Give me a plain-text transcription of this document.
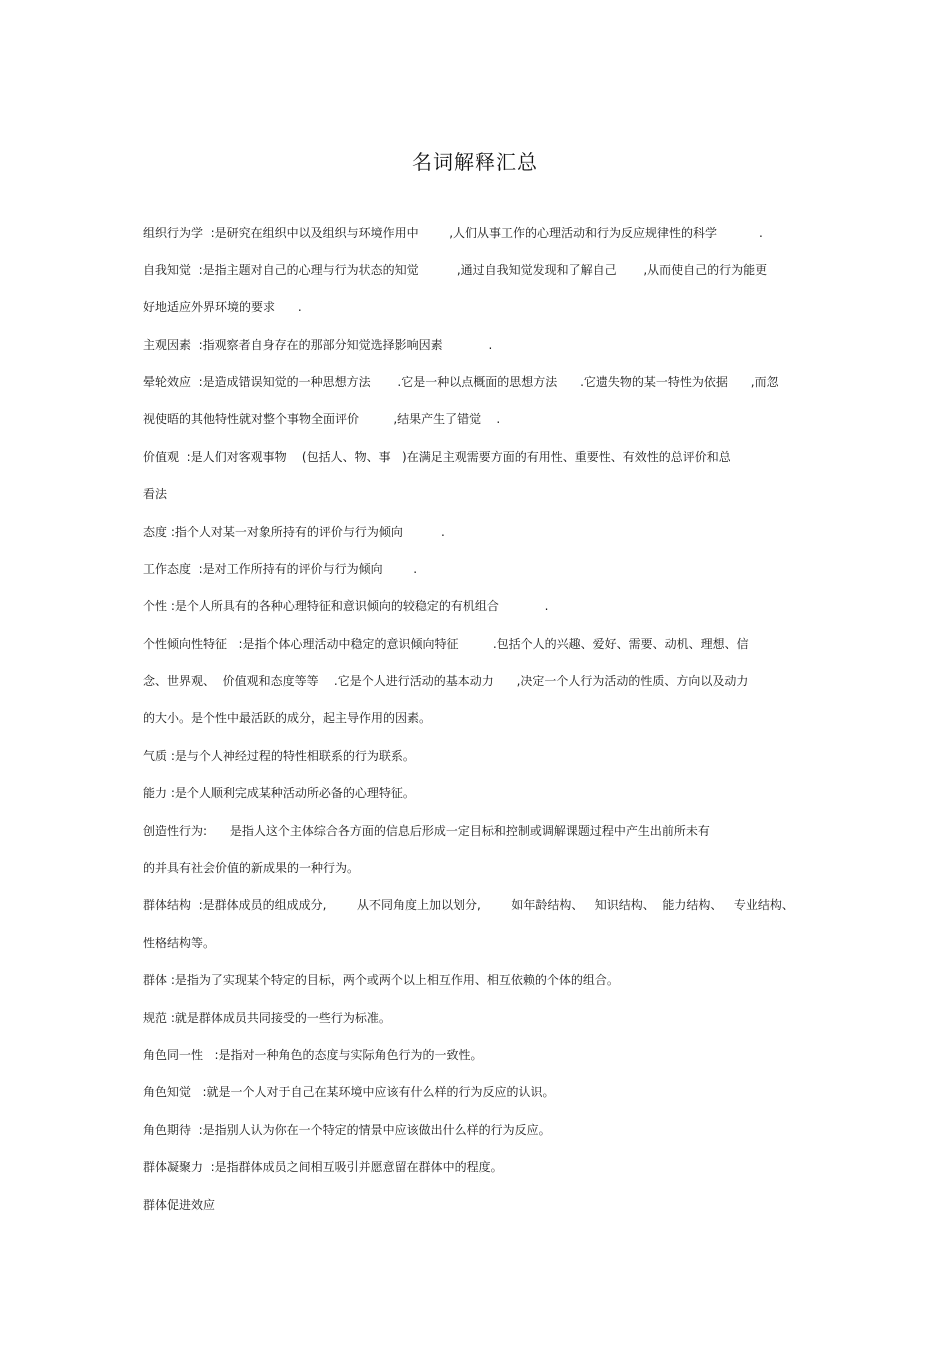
名词解释汇总
组织行为学  :是研究在组织中以及组织与环境作用中        ,人们从事工作的心理活动和行为反应规律性的科学           .
自我知觉  :是指主题对自己的心理与行为状态的知觉          ,通过自我知觉发现和了解自己       ,从而使自己的行为能更
好地适应外界环境的要求      .
主观因素  :指观察者自身存在的那部分知觉选择影响因素            .
晕轮效应  :是造成错误知觉的一种思想方法       .它是一种以点概面的思想方法      .它遗失物的某一特性为依据      ,而忽
视使晤的其他特性就对整个事物全面评价         ,结果产生了错觉    .
价值观  :是人们对客观事物    (包括人、物、事   )在满足主观需要方面的有用性、重要性、有效性的总评价和总
看法
态度 :指个人对某一对象所持有的评价与行为倾向          .
工作态度  :是对工作所持有的评价与行为倾向        .
个性 :是个人所具有的各种心理特征和意识倾向的较稳定的有机组合            .
个性倾向性特征   :是指个体心理活动中稳定的意识倾向特征         .包括个人的兴趣、爱好、需要、动机、理想、信
念、世界观、  价值观和态度等等    .它是个人进行活动的基本动力      ,决定一个人行为活动的性质、方向以及动力
的大小。是个性中最活跃的成分，起主导作用的因素。
气质 :是与个人神经过程的特性相联系的行为联系。
能力 :是个人顺利完成某种活动所必备的心理特征。
创造性行为:      是指人这个主体综合各方面的信息后形成一定目标和控制或调解课题过程中产生出前所未有
的并具有社会价值的新成果的一种行为。
群体结构  :是群体成员的组成成分,        从不同角度上加以划分,        如年龄结构、   知识结构、  能力结构、   专业结构、
性格结构等。
群体 :是指为了实现某个特定的目标，两个或两个以上相互作用、相互依赖的个体的组合。
规范 :就是群体成员共同接受的一些行为标准。
角色同一性   :是指对一种角色的态度与实际角色行为的一致性。
角色知觉   :就是一个人对于自己在某环境中应该有什么样的行为反应的认识。
角色期待  :是指别人认为你在一个特定的情景中应该做出什么样的行为反应。
群体凝聚力  :是指群体成员之间相互吸引并愿意留在群体中的程度。
群体促进效应
